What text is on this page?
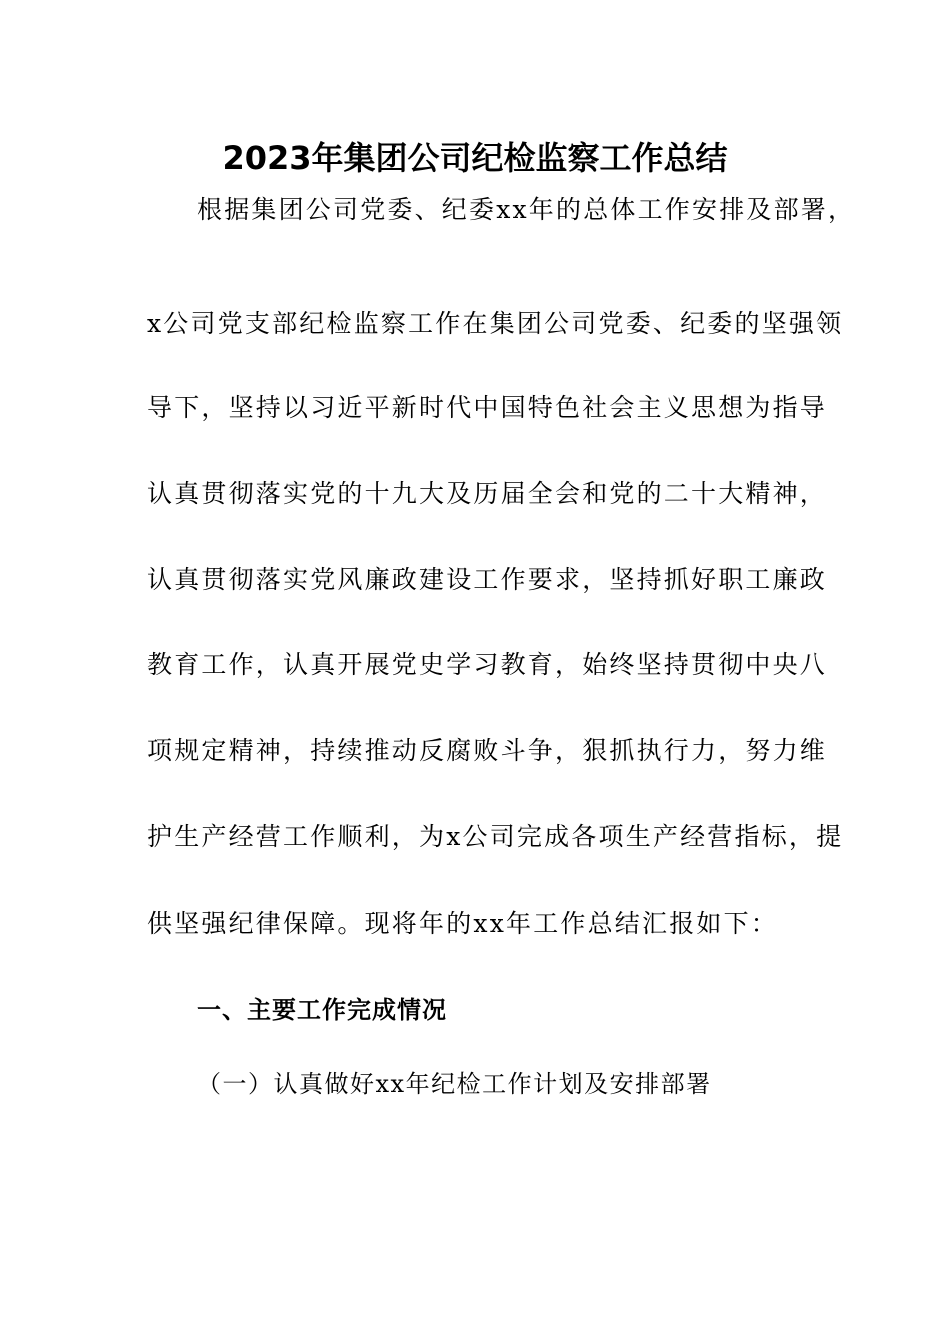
2023年集团公司纪检监察工作总结
根据集团公司党委、纪委xx年的总体工作安排及部署，
x公司党支部纪检监察工作在集团公司党委、纪委的坚强领
导下，坚持以习近平新时代中国特色社会主义思想为指导
认真贯彻落实党的十九大及历届全会和党的二十大精神，
认真贯彻落实党风廉政建设工作要求，坚持抓好职工廉政
教育工作，认真开展党史学习教育，始终坚持贯彻中央八
项规定精神，持续推动反腐败斗争，狠抓执行力，努力维
护生产经营工作顺利，为x公司完成各项生产经营指标，提
供坚强纪律保障。现将年的xx年工作总结汇报如下：
一、主要工作完成情况
（一）认真做好xx年纪检工作计划及安排部署
